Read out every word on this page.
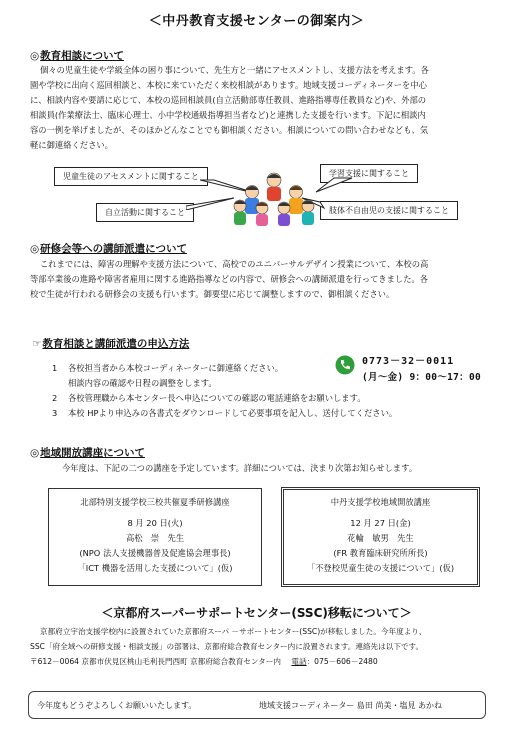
＜中丹教育支援センターの御案内＞
◎教育相談について
個々の児童生徒や学級全体の困り事について、先生方と一緒にアセスメントし、支援方法を考えます。各
園や学校に出向く巡回相談と、本校に来ていただく来校相談があります。地域支援コーディネーターを中心
に、相談内容や要請に応じて、本校の巡回相談員(自立活動部専任教員、進路指導専任教員など)や、外部の
相談員(作業療法士、臨床心理士、小中学校通級指導担当者など)と連携した支援を行います。下記に相談内
容の一例を挙げましたが、そのほかどんなことでも御相談ください。相談についての問い合わせなども、気
軽に御連絡ください。
児童生徒のアセスメントに関すること	学習支援に関すること
自立活動に関すること	肢体不自由児の支援に関すること
◎研修会等への講師派遣について
これまでには、障害の理解や支援方法について、高校でのユニバーサルデザイン授業について、本校の高
等部卒業後の進路や障害者雇用に関する進路指導などの内容で、研修会への講師派遣を行ってきました。各
校で生徒が行われる研修会の支援も行います。御要望に応じて調整しますので、御相談ください。
☞教育相談と講師派遣の申込方法
0773－32－0011
(月～金) 9：00～17：00
1 各校担当者から本校コーディネーターに御連絡ください。
相談内容の確認や日程の調整をします。
2 各校管理職から本センター長へ申込についての確認の電話連絡をお願いします。
3 本校 HPより申込みの各書式をダウンロードして必要事項を記入し、送付してください。
◎地域開放講座について
今年度は、下記の二つの講座を予定しています。詳細については、決まり次第お知らせします。
北部特別支援学校三校共催夏季研修講座
8 月 20 日(火)
高松　崇　先生
(NPO 法人支援機器普及促進協会理事長)
「ICT 機器を活用した支援について」(仮)
中丹支援学校地域開放講座
12 月 27 日(金)
花輪　敏男　先生
(FR 教育臨床研究所所長)
「不登校児童生徒の支援について」(仮)
＜京都府スーパーサポートセンター(SSC)移転について＞
京都府立宇治支援学校内に設置されていた京都府スーパ －サポートセンター(SSC)が移転しました。今年度より、
SSC「府全域への研修支援・相談支援」の部署は、京都府総合教育センター内に設置されます。連絡先は以下です。
〒612－0064 京都市伏見区桃山毛利長門西町 京都府総合教育センター内 電話：075－606－2480
今年度もどうぞよろしくお願いいたします。	地域支援コーディネーター 島田 尚美・塩見 あかね
